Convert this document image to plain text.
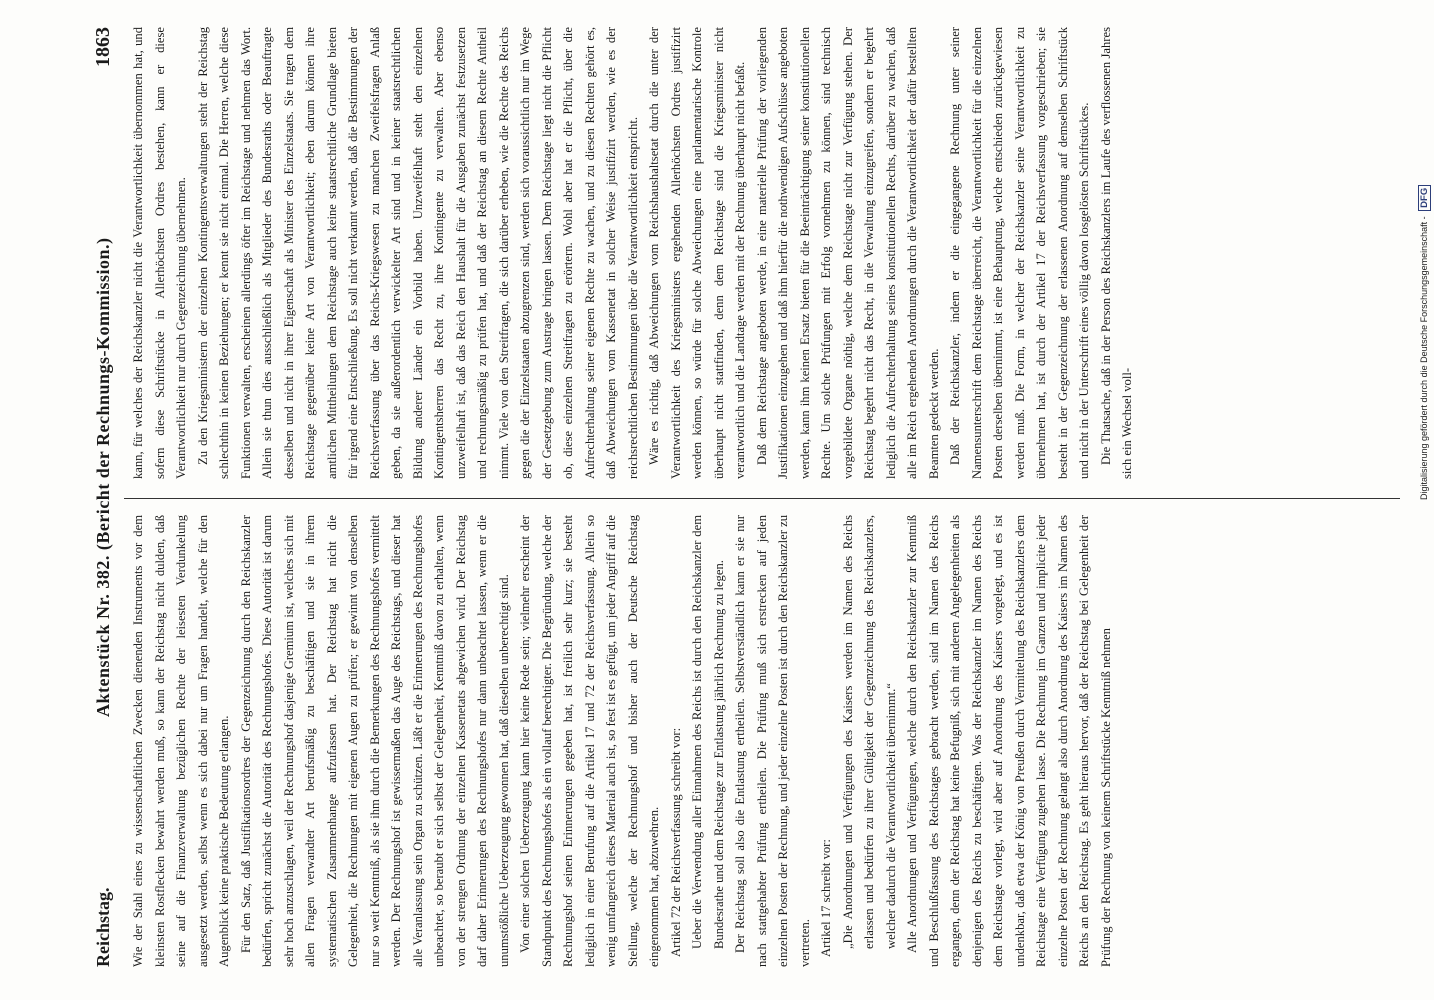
Reichstag.
Aktenstück Nr. 382. (Bericht der Rechnungs-Kommission.)
1863

Wie der Stahl eines zu wissenschaftlichen Zwecken dienenden Instruments vor dem kleinsten Rostflecken bewahrt werden muß, so kann der Reichstag nicht dulden, daß seine auf die Finanzverwaltung bezüglichen Rechte der leisesten Verdunkelung ausgesetzt werden, selbst wenn es sich dabei nur um Fragen handelt, welche für den Augenblick keine praktische Bedeutung erlangen. Für den Satz, daß Justifikationsordres der Gegenzeichnung durch den Reichskanzler bedürfen, spricht zunächst die Autorität des Rechnungshofes. Diese Autorität ist darum sehr hoch anzuschlagen, weil der Rechnungshof dasjenige Gremium ist, welches sich mit allen Fragen verwandter Art berufsmäßig zu beschäftigen und sie in ihrem systematischen Zusammenhange aufzufassen hat. Der Reichstag hat nicht die Gelegenheit, die Rechnungen mit eigenen Augen zu prüfen; er gewinnt von denselben nur so weit Kenntniß, als sie ihm durch die Bemerkungen des Rechnungshofes vermittelt werden. Der Rechnungshof ist gewissermaßen das Auge des Reichstags, und dieser hat alle Veranlassung sein Organ zu schützen. Läßt er die Erinnerungen des Rechnungshofes unbeachtet, so beraubt er sich selbst der Gelegenheit, Kenntniß davon zu erhalten, wenn von der strengen Ordnung der einzelnen Kassenetats abgewichen wird. Der Reichstag darf daher Erinnerungen des Rechnungshofes nur dann unbeachtet lassen, wenn er die unumstößliche Ueberzeugung gewonnen hat, daß dieselben unberechtigt sind. Von einer solchen Ueberzeugung kann hier keine Rede sein; vielmehr erscheint der Standpunkt des Rechnungshofes als ein vollauf berechtigter. Die Begründung, welche der Rechnungshof seinen Erinnerungen gegeben hat, ist freilich sehr kurz; sie besteht lediglich in einer Berufung auf die Artikel 17 und 72 der Reichsverfassung. Allein so wenig umfangreich dieses Material auch ist, so fest ist es gefügt, um jeder Angriff auf die Stellung, welche der Rechnungshof und bisher auch der Deutsche Reichstag eingenommen hat, abzuwehren. Artikel 72 der Reichsverfassung schreibt vor: Ueber die Verwendung aller Einnahmen des Reichs ist durch den Reichskanzler dem Bundesrathe und dem Reichstage zur Entlastung jährlich Rechnung zu legen. Der Reichstag soll also die Entlastung ertheilen. Selbstverständlich kann er sie nur nach stattgehabter Prüfung ertheilen. Die Prüfung muß sich erstrecken auf jeden einzelnen Posten der Rechnung, und jeder einzelne Posten ist durch den Reichskanzler zu vertreten. Artikel 17 schreibt vor: „Die Anordnungen und Verfügungen des Kaisers werden im Namen des Reichs erlassen und bedürfen zu ihrer Gültigkeit der Gegenzeichnung des Reichskanzlers, welcher dadurch die Verantwortlichkeit übernimmt.“ Alle Anordnungen und Verfügungen, welche durch den Reichskanzler zur Kenntniß und Beschlußfassung des Reichstages gebracht werden, sind im Namen des Reichs ergangen, denn der Reichstag hat keine Befugniß, sich mit anderen Angelegenheiten als denjenigen des Reichs zu beschäftigen. Was der Reichskanzler im Namen des Reichs dem Reichstage vorlegt, wird aber auf Anordnung des Kaisers vorgelegt, und es ist undenkbar, daß etwa der König von Preußen durch Vermittelung des Reichskanzlers dem Reichstage eine Verfügung zugehen lasse. Die Rechnung im Ganzen und implicite jeder einzelne Posten der Rechnung gelangt also durch Anordnung des Kaisers im Namen des Reichs an den Reichstag. Es geht hieraus hervor, daß der Reichstag bei Gelegenheit der Prüfung der Rechnung von keinem Schriftstücke Kenntniß nehmen

kann, für welches der Reichskanzler nicht die Verantwortlichkeit übernommen hat, und sofern diese Schriftstücke in Allerhöchsten Ordres bestehen, kann er diese Verantwortlichkeit nur durch Gegenzeichnung übernehmen. Zu den Kriegsministern der einzelnen Kontingentsverwaltungen steht der Reichstag schlechthin in keinen Beziehungen; er kennt sie nicht einmal. Die Herren, welche diese Funktionen verwalten, erscheinen allerdings öfter im Reichstage und nehmen das Wort. Allein sie thun dies ausschließlich als Mitglieder des Bundesraths oder Beauftragte desselben und nicht in ihrer Eigenschaft als Minister des Einzelstaats. Sie tragen dem Reichstage gegenüber keine Art von Verantwortlichkeit; eben darum können ihre amtlichen Mittheilungen dem Reichstage auch keine staatsrechtliche Grundlage bieten für irgend eine Entschließung. Es soll nicht verkannt werden, daß die Bestimmungen der Reichsverfassung über das Reichs-Kriegswesen zu manchen Zweifelsfragen Anlaß geben, da sie außerordentlich verwickelter Art sind und in keiner staatsrechtlichen Bildung anderer Länder ein Vorbild haben. Unzweifelhaft steht den einzelnen Kontingentsherren das Recht zu, ihre Kontingente zu verwalten. Aber ebenso unzweifelhaft ist, daß das Reich den Haushalt für die Ausgaben zunächst festzusetzen und rechnungsmäßig zu prüfen hat, und daß der Reichstag an diesem Rechte Antheil nimmt. Viele von den Streitfragen, die sich darüber erheben, wie die Rechte des Reichs gegen die der Einzelstaaten abzugrenzen sind, werden sich voraussichtlich nur im Wege der Gesetzgebung zum Austrage bringen lassen. Dem Reichstage liegt nicht die Pflicht ob, diese einzelnen Streitfragen zu erörtern. Wohl aber hat er die Pflicht, über die Aufrechterhaltung seiner eigenen Rechte zu wachen, und zu diesen Rechten gehört es, daß Abweichungen vom Kassenetat in solcher Weise justifizirt werden, wie es der reichsrechtlichen Bestimmungen über die Verantwortlichkeit entspricht. Wäre es richtig, daß Abweichungen vom Reichshaushaltsetat durch die unter der Verantwortlichkeit des Kriegsministers ergehenden Allerhöchsten Ordres justifizirt werden können, so würde für solche Abweichungen eine parlamentarische Kontrole überhaupt nicht stattfinden, denn dem Reichstage sind die Kriegsminister nicht verantwortlich und die Landtage werden mit der Rechnung überhaupt nicht befaßt. Daß dem Reichstage angeboten werde, in eine materielle Prüfung der vorliegenden Justifikationen einzugehen und daß ihm hierfür die nothwendigen Aufschlüsse angeboten werden, kann ihm keinen Ersatz bieten für die Beeinträchtigung seiner konstitutionellen Rechte. Um solche Prüfungen mit Erfolg vornehmen zu können, sind technisch vorgebildete Organe nöthig, welche dem Reichstage nicht zur Verfügung stehen. Der Reichstag begehrt nicht das Recht, in die Verwaltung einzugreifen, sondern er begehrt lediglich die Aufrechterhaltung seines konstitutionellen Rechts, darüber zu wachen, daß alle im Reich ergehenden Anordnungen durch die Verantwortlichkeit der dafür bestellten Beamten gedeckt werden. Daß der Reichskanzler, indem er die eingegangene Rechnung unter seiner Namensunterschrift dem Reichstage überreicht, die Verantwortlichkeit für die einzelnen Posten derselben übernimmt, ist eine Behauptung, welche entschieden zurückgewiesen werden muß. Die Form, in welcher der Reichskanzler seine Verantwortlichkeit zu übernehmen hat, ist durch der Artikel 17 der Reichsverfassung vorgeschrieben; sie besteht in der Gegenzeichnung der erlassenen Anordnung auf demselben Schriftstück und nicht in der Unterschrift eines völlig davon losgelösten Schriftstückes. Die Thatsache, daß in der Person des Reichskanzlers im Laufe des verflossenen Jahres sich ein Wechsel voll-	Digitalisierung gefördert durch die Deutsche Forschungsgemeinschaft - DFG
